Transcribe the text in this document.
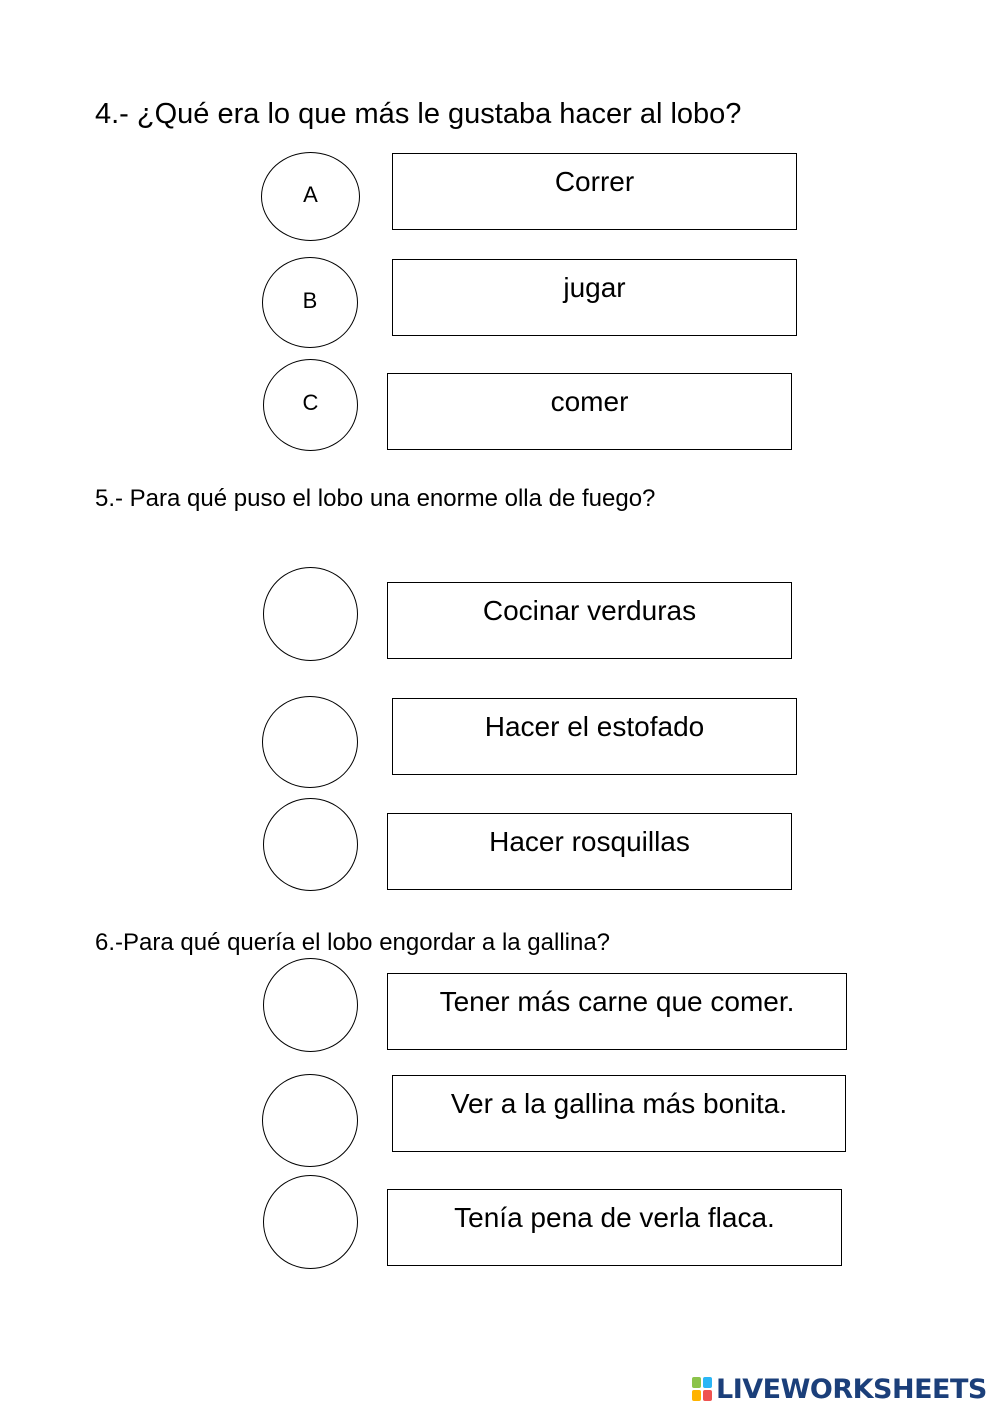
4.- ¿Qué era lo que más le gustaba hacer al lobo?
A	Correr
B	jugar
C	comer
5.- Para qué puso el lobo una enorme olla de fuego?
Cocinar verduras
Hacer el estofado
Hacer rosquillas
6.-Para qué quería el lobo engordar a la gallina?
Tener más carne que comer.
Ver a la gallina más bonita.
Tenía pena de verla flaca.
LIVEWORKSHEETS
